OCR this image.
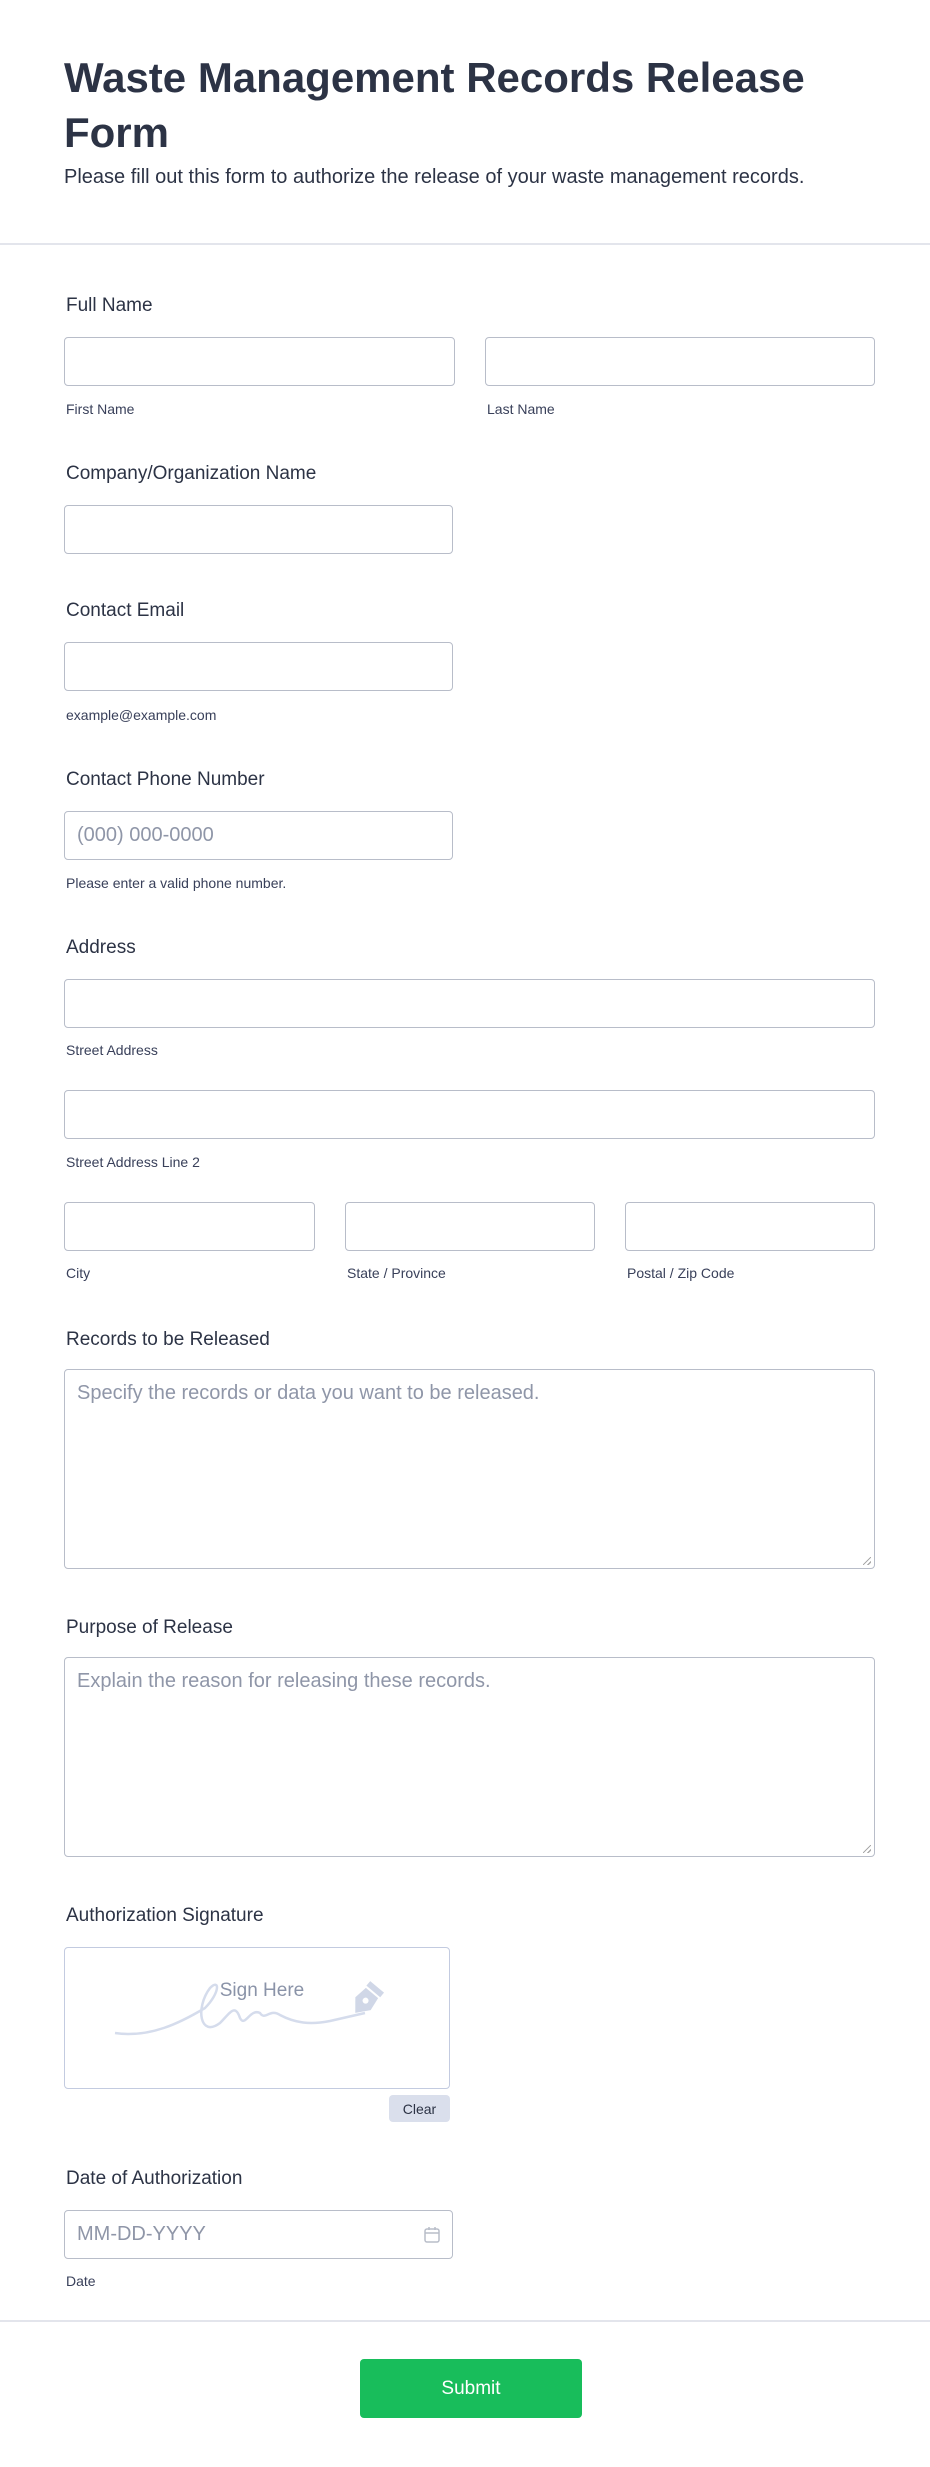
Waste Management Records Release Form
Please fill out this form to authorize the release of your waste management records.
Full Name
First Name	Last Name
Company/Organization Name
Contact Email
example@example.com
Contact Phone Number
(000) 000-0000
Please enter a valid phone number.
Address
Street Address
Street Address Line 2
City	State / Province	Postal / Zip Code
Records to be Released
Specify the records or data you want to be released.
Purpose of Release
Explain the reason for releasing these records.
Authorization Signature
Sign Here
Clear
Date of Authorization
MM-DD-YYYY
Date
Submit
